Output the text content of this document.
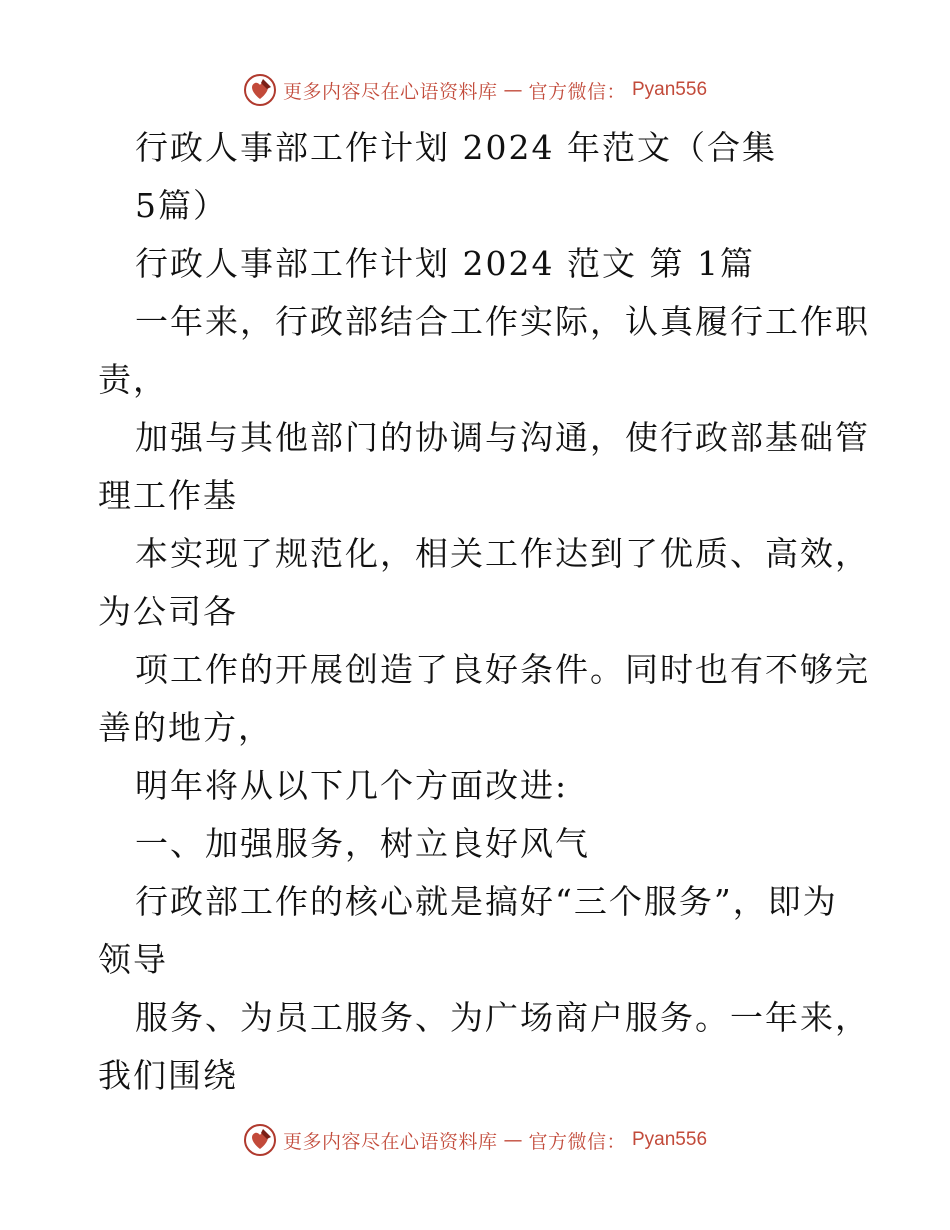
更多内容尽在心语资料库 — 官方微信： Pyan556
行政人事部工作计划 2024 年范文（合集
5篇）
行政人事部工作计划 2024 范文 第 1篇
一年来，行政部结合工作实际，认真履行工作职
责，
加强与其他部门的协调与沟通，使行政部基础管
理工作基
本实现了规范化，相关工作达到了优质、高效，
为公司各
项工作的开展创造了良好条件。同时也有不够完
善的地方，
明年将从以下几个方面改进:
一、加强服务，树立良好风气
行政部工作的核心就是搞好“三个服务”，即为
领导
服务、为员工服务、为广场商户服务。一年来，
我们围绕
更多内容尽在心语资料库 — 官方微信： Pyan556
